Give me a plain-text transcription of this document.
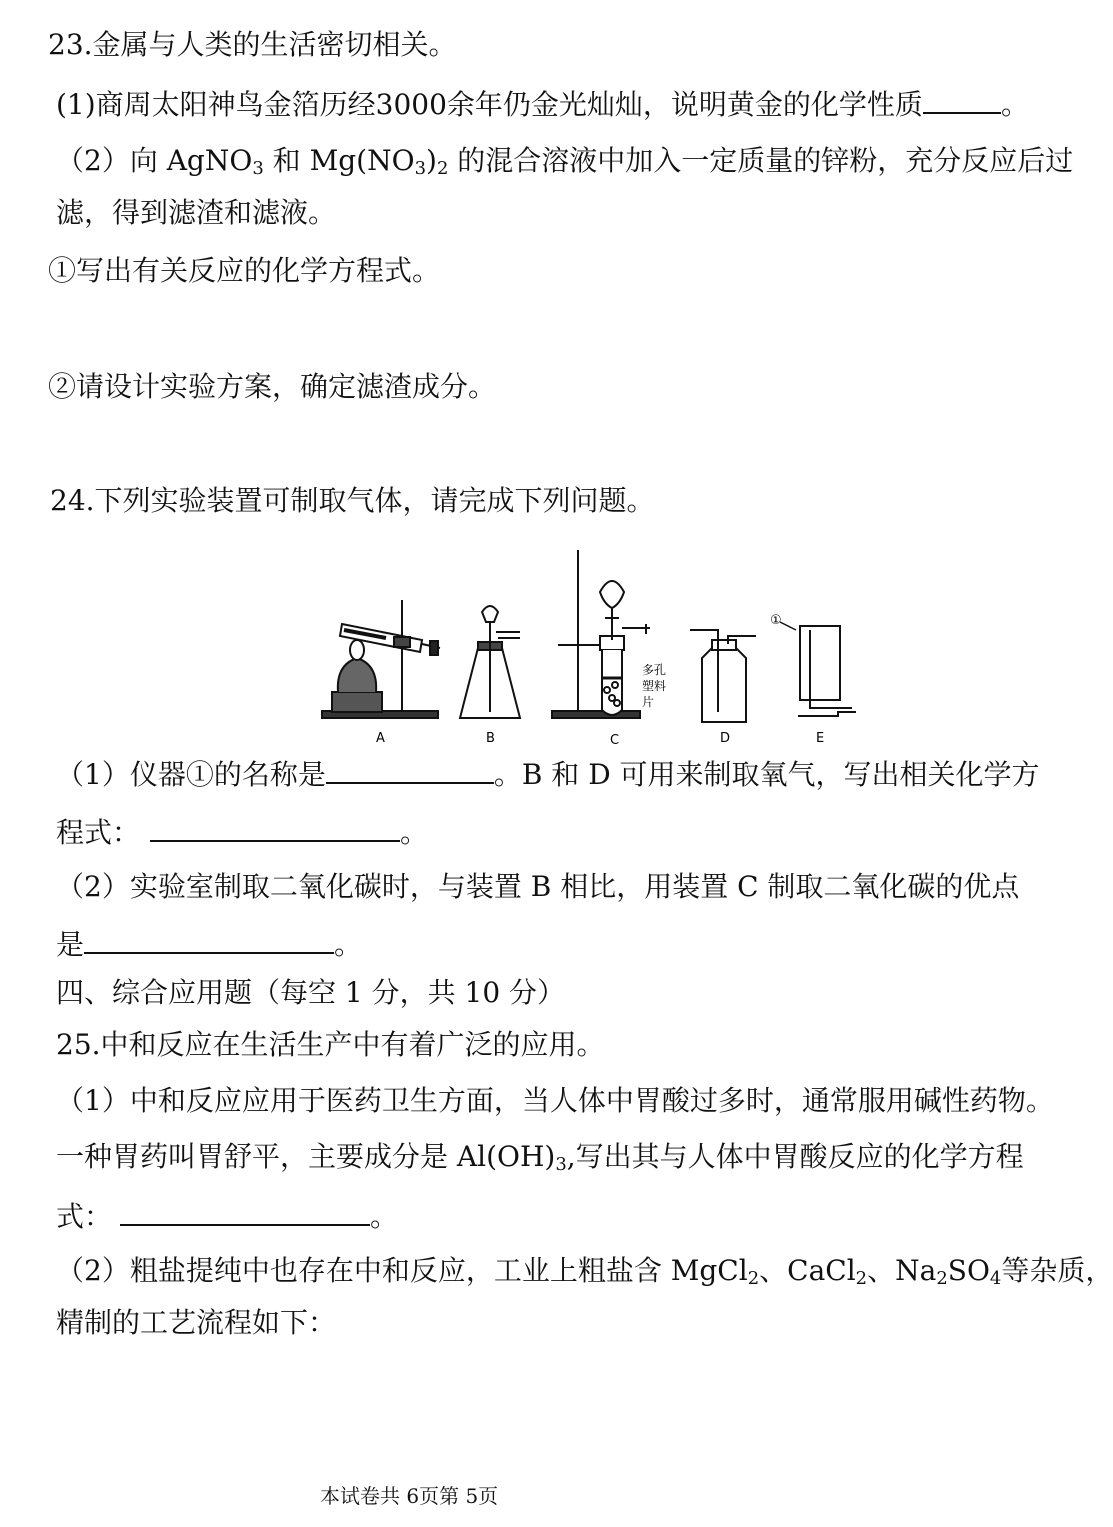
23.金属与人类的生活密切相关。
(1)商周太阳神鸟金箔历经3000余年仍金光灿灿，说明黄金的化学性质	。
（2）向 AgNO$_3$ 和 $Mg(NO_3)_2$ 的混合溶液中加入一定质量的锌粉，充分反应后过
滤，得到滤渣和滤液。
①写出有关反应的化学方程式。
②请设计实验方案，确定滤渣成分。
24.下列实验装置可制取气体，请完成下列问题。
①
多孔
塑料
片
A	B	C	D	E
（1）仪器①的名称是	。B 和 D 可用来制取氧气，写出相关化学方
程式：	。
（2）实验室制取二氧化碳时，与装置 B 相比，用装置 C 制取二氧化碳的优点
是	。
四、综合应用题（每空 1 分，共 10 分）
25.中和反应在生活生产中有着广泛的应用。
（1）中和反应应用于医药卫生方面，当人体中胃酸过多时，通常服用碱性药物。
一种胃药叫胃舒平，主要成分是 $Al(OH)_3$,写出其与人体中胃酸反应的化学方程
式：	。
（2）粗盐提纯中也存在中和反应，工业上粗盐含 MgCl$_2$、CaCl$_2$、$Na_2SO_4$等杂质，
精制的工艺流程如下：
本试卷共 6页第 5页
